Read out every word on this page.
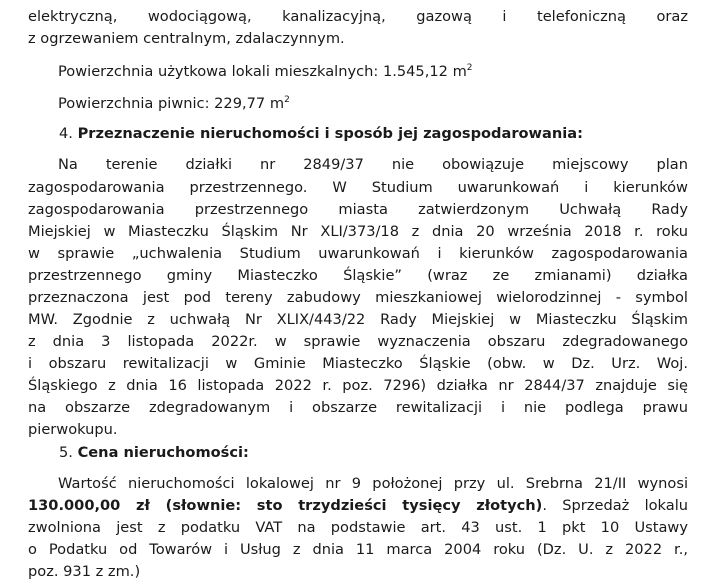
elektryczną, wodociągową, kanalizacyjną, gazową i telefoniczną oraz
z ogrzewaniem centralnym, zdalaczynnym.
Powierzchnia użytkowa lokali mieszkalnych: 1.545,12 $m^2$
Powierzchnia piwnic: 229,77 $m^2$
4. Przeznaczenie nieruchomości i sposób jej zagospodarowania:
Na terenie działki nr 2849/37 nie obowiązuje miejscowy plan
zagospodarowania przestrzennego. W Studium uwarunkowań i kierunków
zagospodarowania przestrzennego miasta zatwierdzonym Uchwałą Rady
Miejskiej w Miasteczku Śląskim Nr XLI/373/18 z dnia 20 września 2018 r. roku
w sprawie „uchwalenia Studium uwarunkowań i kierunków zagospodarowania
przestrzennego gminy Miasteczko Śląskie” (wraz ze zmianami) działka
przeznaczona jest pod tereny zabudowy mieszkaniowej wielorodzinnej - symbol
MW. Zgodnie z uchwałą Nr XLIX/443/22 Rady Miejskiej w Miasteczku Śląskim
z dnia 3 listopada 2022r. w sprawie wyznaczenia obszaru zdegradowanego
i obszaru rewitalizacji w Gminie Miasteczko Śląskie (obw. w Dz. Urz. Woj.
Śląskiego z dnia 16 listopada 2022 r. poz. 7296) działka nr 2844/37 znajduje się
na obszarze zdegradowanym i obszarze rewitalizacji i nie podlega prawu
pierwokupu.
5. Cena nieruchomości:
Wartość nieruchomości lokalowej nr 9 położonej przy ul. Srebrna 21/II wynosi
130.000,00 zł (słownie: sto trzydzieści tysięcy złotych). Sprzedaż lokalu
zwolniona jest z podatku VAT na podstawie art. 43 ust. 1 pkt 10 Ustawy
o Podatku od Towarów i Usług z dnia 11 marca 2004 roku (Dz. U. z 2022 r.,
poz. 931 z zm.)
